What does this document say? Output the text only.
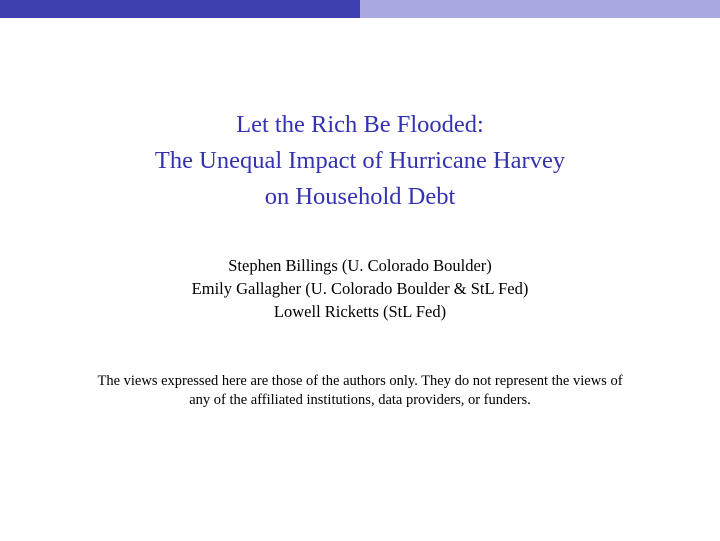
Let the Rich Be Flooded:
The Unequal Impact of Hurricane Harvey
on Household Debt
Stephen Billings (U. Colorado Boulder)
Emily Gallagher (U. Colorado Boulder & StL Fed)
Lowell Ricketts (StL Fed)
The views expressed here are those of the authors only. They do not represent the views of
any of the affiliated institutions, data providers, or funders.
